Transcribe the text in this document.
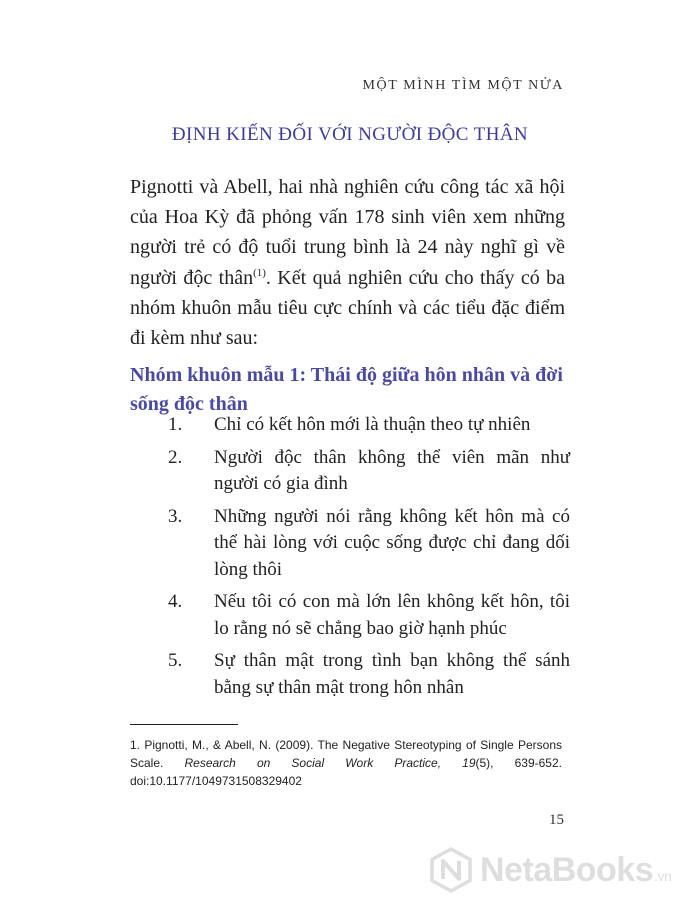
MỘT MÌNH TÌM MỘT NỬA
ĐỊNH KIẾN ĐỐI VỚI NGƯỜI ĐỘC THÂN

Pignotti và Abell, hai nhà nghiên cứu công tác xã hội của Hoa Kỳ đã phỏng vấn 178 sinh viên xem những người trẻ có độ tuổi trung bình là 24 này nghĩ gì về người độc thân$^{(1)}$. Kết quả nghiên cứu cho thấy có ba nhóm khuôn mẫu tiêu cực chính và các tiểu đặc điểm đi kèm như sau:

Nhóm khuôn mẫu 1: Thái độ giữa hôn nhân và đời sống độc thân
1. Chỉ có kết hôn mới là thuận theo tự nhiên
2. Người độc thân không thể viên mãn như người có gia đình
3. Những người nói rằng không kết hôn mà có thể hài lòng với cuộc sống được chỉ đang dối lòng thôi
4. Nếu tôi có con mà lớn lên không kết hôn, tôi lo rằng nó sẽ chẳng bao giờ hạnh phúc
5. Sự thân mật trong tình bạn không thể sánh bằng sự thân mật trong hôn nhân

1. Pignotti, M., & Abell, N. (2009). The Negative Stereotyping of Single Persons Scale. Research on Social Work Practice, 19(5), 639-652. doi:10.1177/1049731508329402

15
NetaBooks.vn
